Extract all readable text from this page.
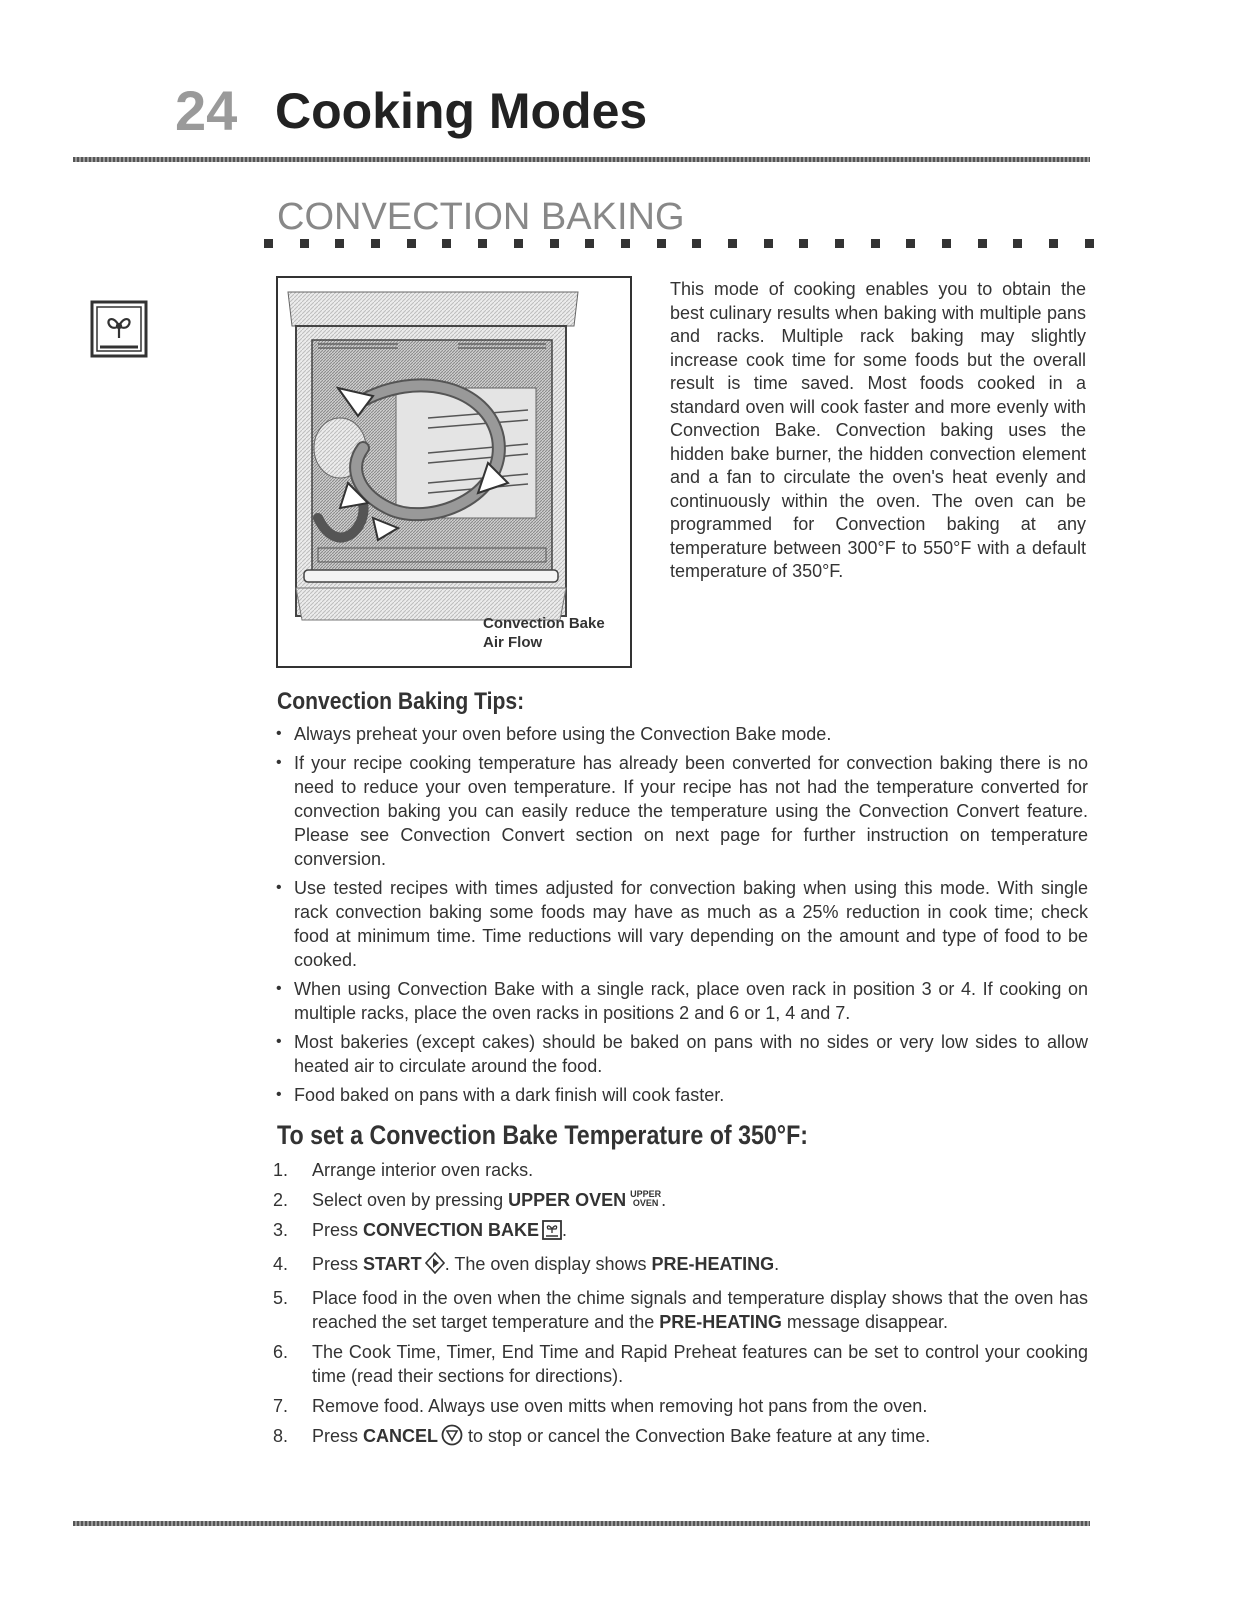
24 Cooking Modes
CONVECTION BAKING
Convection Bake
Air Flow
This mode of cooking enables you to obtain the best culinary results when baking with multiple pans and racks. Multiple rack baking may slightly increase cook time for some foods but the overall result is time saved. Most foods cooked in a standard oven will cook faster and more evenly with Convection Bake. Convection baking uses the hidden bake burner, the hidden convection element and a fan to circulate the oven's heat evenly and continuously within the oven. The oven can be programmed for Convection baking at any temperature between 300°F to 550°F with a default temperature of 350°F.
Convection Baking Tips:
• Always preheat your oven before using the Convection Bake mode.
• If your recipe cooking temperature has already been converted for convection baking there is no need to reduce your oven temperature. If your recipe has not had the temperature converted for convection baking you can easily reduce the temperature using the Convection Convert feature. Please see Convection Convert section on next page for further instruction on temperature conversion.
• Use tested recipes with times adjusted for convection baking when using this mode. With single rack convection baking some foods may have as much as a 25% reduction in cook time; check food at minimum time. Time reductions will vary depending on the amount and type of food to be cooked.
• When using Convection Bake with a single rack, place oven rack in position 3 or 4. If cooking on multiple racks, place the oven racks in positions 2 and 6 or 1, 4 and 7.
• Most bakeries (except cakes) should be baked on pans with no sides or very low sides to allow heated air to circulate around the food.
• Food baked on pans with a dark finish will cook faster.
To set a Convection Bake Temperature of 350°F:
1. Arrange interior oven racks.
2. Select oven by pressing UPPER OVEN UPPER
OVEN .
3. Press CONVECTION BAKE .
4. Press START . The oven display shows PRE-HEATING.
5. Place food in the oven when the chime signals and temperature display shows that the oven has reached the set target temperature and the PRE-HEATING message disappear.
6. The Cook Time, Timer, End Time and Rapid Preheat features can be set to control your cooking time (read their sections for directions).
7. Remove food. Always use oven mitts when removing hot pans from the oven.
8. Press CANCEL to stop or cancel the Convection Bake feature at any time.
